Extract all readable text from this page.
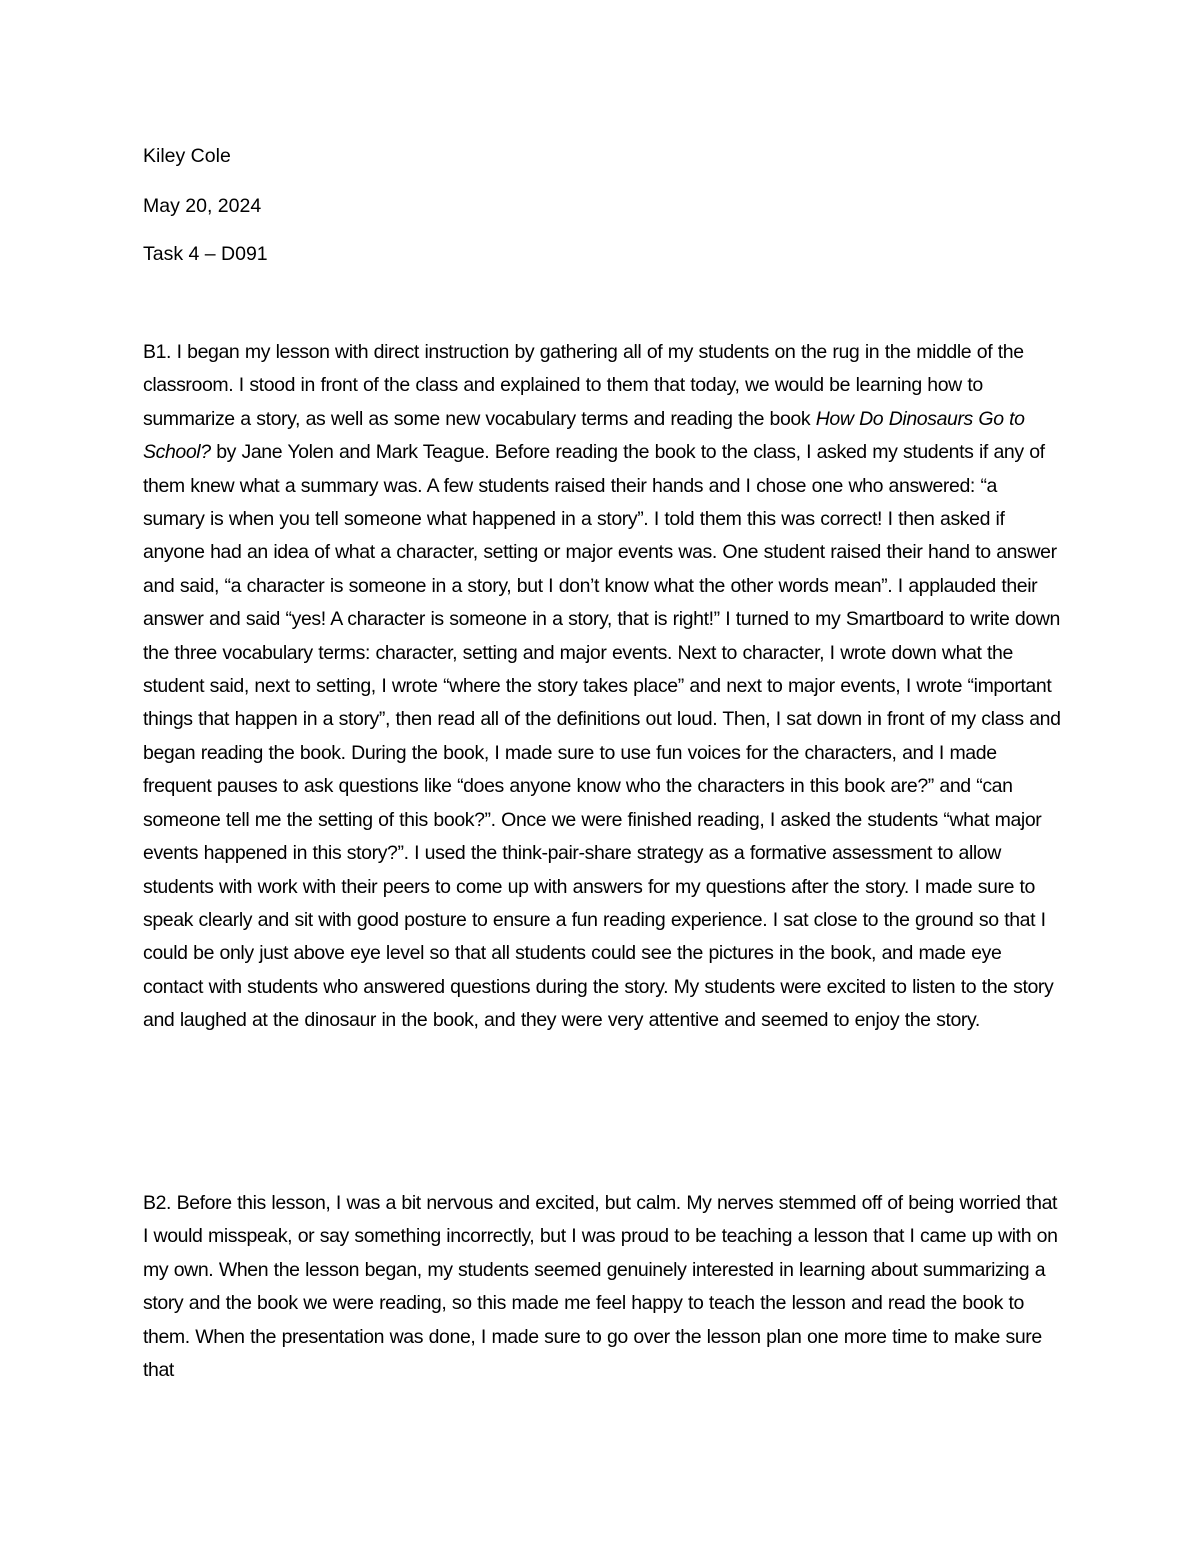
Kiley Cole
May 20, 2024
Task 4 – D091

B1. I began my lesson with direct instruction by gathering all of my students on the rug in the middle of the classroom. I stood in front of the class and explained to them that today, we would be learning how to summarize a story, as well as some new vocabulary terms and reading the book How Do Dinosaurs Go to School? by Jane Yolen and Mark Teague. Before reading the book to the class, I asked my students if any of them knew what a summary was. A few students raised their hands and I chose one who answered: “a sumary is when you tell someone what happened in a story”. I told them this was correct! I then asked if anyone had an idea of what a character, setting or major events was. One student raised their hand to answer and said, “a character is someone in a story, but I don’t know what the other words mean”. I applauded their answer and said “yes! A character is someone in a story, that is right!” I turned to my Smartboard to write down the three vocabulary terms: character, setting and major events. Next to character, I wrote down what the student said, next to setting, I wrote “where the story takes place” and next to major events, I wrote “important things that happen in a story”, then read all of the definitions out loud. Then, I sat down in front of my class and began reading the book. During the book, I made sure to use fun voices for the characters, and I made frequent pauses to ask questions like “does anyone know who the characters in this book are?” and “can someone tell me the setting of this book?”. Once we were finished reading, I asked the students “what major events happened in this story?”. I used the think-pair-share strategy as a formative assessment to allow students with work with their peers to come up with answers for my questions after the story. I made sure to speak clearly and sit with good posture to ensure a fun reading experience. I sat close to the ground so that I could be only just above eye level so that all students could see the pictures in the book, and made eye contact with students who answered questions during the story. My students were excited to listen to the story and laughed at the dinosaur in the book, and they were very attentive and seemed to enjoy the story.

B2. Before this lesson, I was a bit nervous and excited, but calm. My nerves stemmed off of being worried that I would misspeak, or say something incorrectly, but I was proud to be teaching a lesson that I came up with on my own. When the lesson began, my students seemed genuinely interested in learning about summarizing a story and the book we were reading, so this made me feel happy to teach the lesson and read the book to them. When the presentation was done, I made sure to go over the lesson plan one more time to make sure that
